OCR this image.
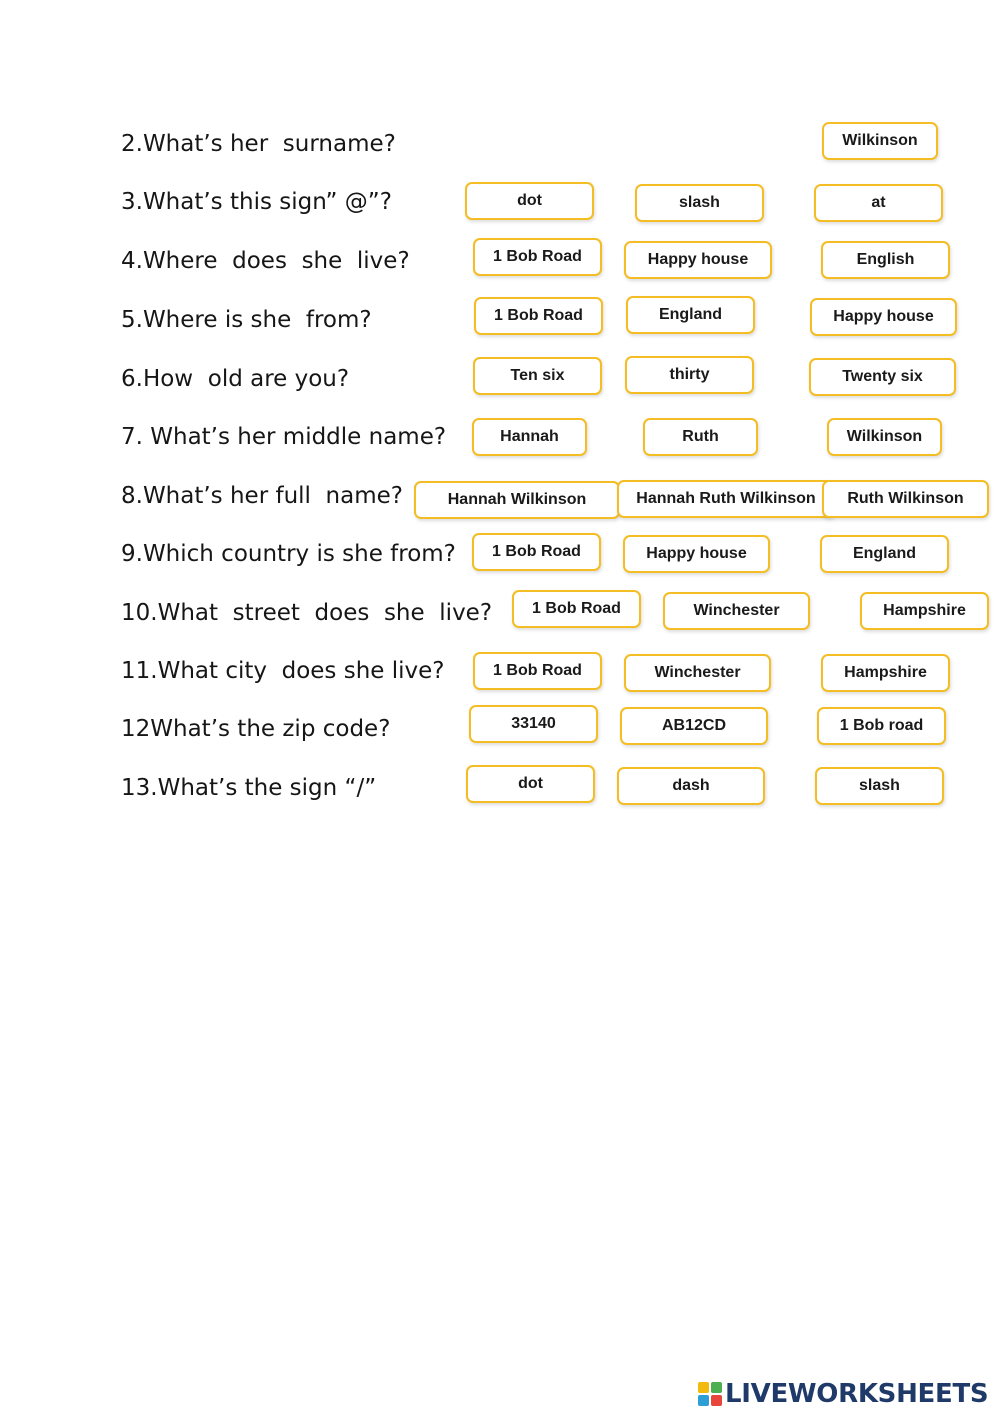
LIVEWORKSHEETS
2.What’s her  surname?	Wilkinson
3.What’s this sign” @”?	dot	slash	at
4.Where  does  she  live?	1 Bob Road	Happy house	English
5.Where is she  from?	1 Bob Road	England	Happy house
6.How  old are you?	Ten six	thirty	Twenty six
7. What’s her middle name?	Hannah	Ruth	Wilkinson
8.What’s her full  name?	Hannah Wilkinson	Hannah Ruth Wilkinson	Ruth Wilkinson
9.Which country is she from?	1 Bob Road	Happy house	England
10.What  street  does  she  live?	1 Bob Road	Winchester	Hampshire
11.What city  does she live?	1 Bob Road	Winchester	Hampshire
12What’s the zip code?	33140	AB12CD	1 Bob road
13.What’s the sign “/”	dot	dash	slash
